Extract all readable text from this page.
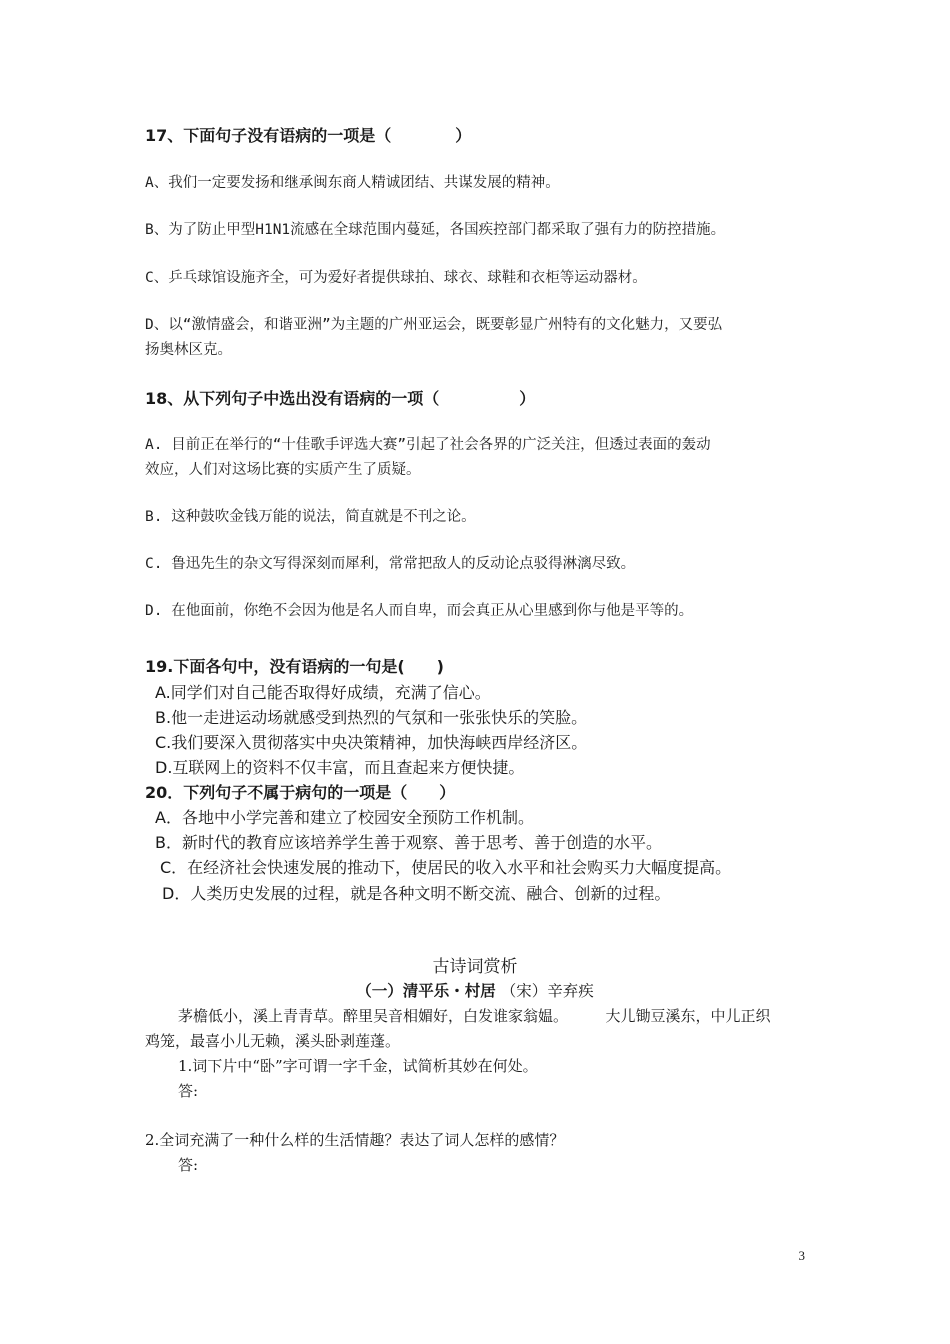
17、下面句子没有语病的一项是（　　　　）
A、我们一定要发扬和继承闽东商人精诚团结、共谋发展的精神。
B、为了防止甲型H1N1流感在全球范围内蔓延，各国疾控部门都采取了强有力的防控措施。
C、乒乓球馆设施齐全，可为爱好者提供球拍、球衣、球鞋和衣柜等运动器材。
D、以“激情盛会，和谐亚洲”为主题的广州亚运会，既要彰显广州特有的文化魅力，又要弘
扬奥林区克。
18、从下列句子中选出没有语病的一项（　　　　　）
A. 目前正在举行的“十佳歌手评选大赛”引起了社会各界的广泛关注，但透过表面的轰动
效应，人们对这场比赛的实质产生了质疑。
B. 这种鼓吹金钱万能的说法，简直就是不刊之论。
C. 鲁迅先生的杂文写得深刻而犀利，常常把敌人的反动论点驳得淋漓尽致。
D. 在他面前，你绝不会因为他是名人而自卑，而会真正从心里感到你与他是平等的。
19.下面各句中，没有语病的一句是(　　)
A.同学们对自己能否取得好成绩，充满了信心。
B.他一走进运动场就感受到热烈的气氛和一张张快乐的笑脸。
C.我们要深入贯彻落实中央决策精神，加快海峡西岸经济区。
D.互联网上的资料不仅丰富，而且查起来方便快捷。
20．下列句子不属于病句的一项是（　　）
A．各地中小学完善和建立了校园安全预防工作机制。
B．新时代的教育应该培养学生善于观察、善于思考、善于创造的水平。
C．在经济社会快速发展的推动下，使居民的收入水平和社会购买力大幅度提高。
D．人类历史发展的过程，就是各种文明不断交流、融合、创新的过程。
古诗词赏析
（一）清平乐・村居 （宋）辛弃疾
茅檐低小，溪上青青草。醉里吴音相媚好，白发谁家翁媪。　　　大儿锄豆溪东，中儿正织
鸡笼，最喜小儿无赖，溪头卧剥莲蓬。
1.词下片中“卧”字可谓一字千金，试简析其妙在何处。
答:
2.全词充满了一种什么样的生活情趣？表达了词人怎样的感情？
答:
3
